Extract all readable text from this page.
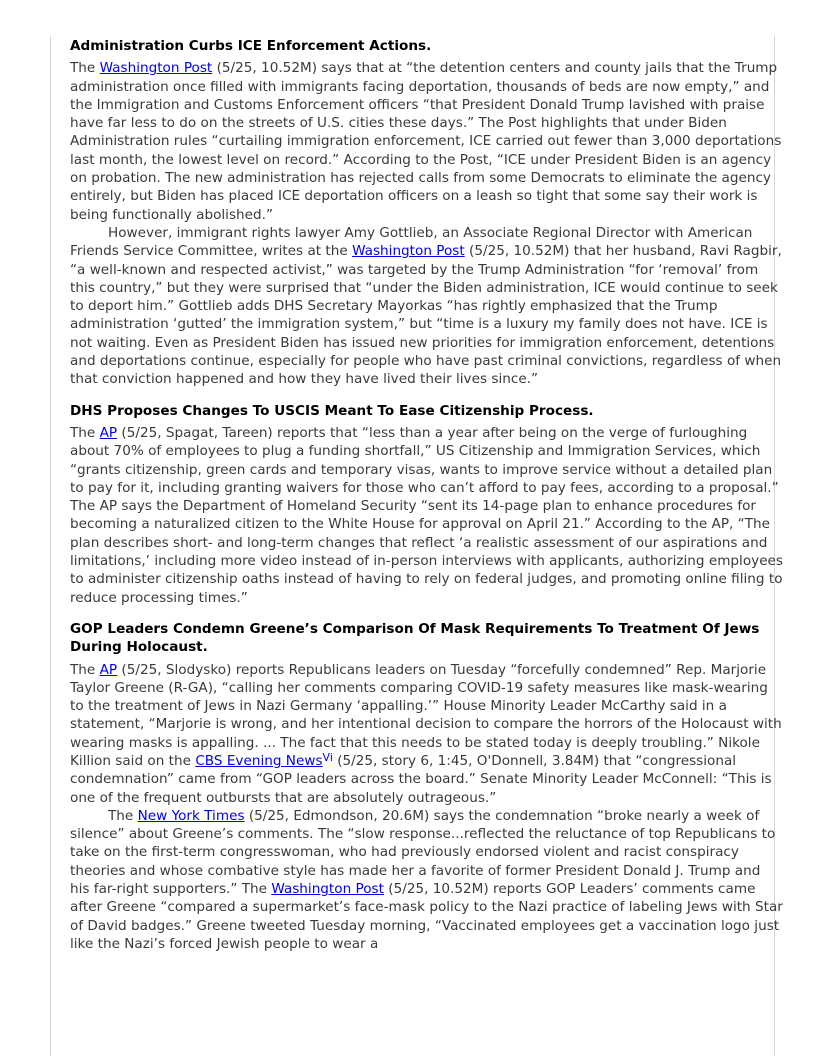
Administration Curbs ICE Enforcement Actions.

The Washington Post (5/25, 10.52M) says that at “the detention centers and county jails that the Trump administration once filled with immigrants facing deportation, thousands of beds are now empty,” and the Immigration and Customs Enforcement officers “that President Donald Trump lavished with praise have far less to do on the streets of U.S. cities these days.” The Post highlights that under Biden Administration rules “curtailing immigration enforcement, ICE carried out fewer than 3,000 deportations last month, the lowest level on record.” According to the Post, “ICE under President Biden is an agency on probation. The new administration has rejected calls from some Democrats to eliminate the agency entirely, but Biden has placed ICE deportation officers on a leash so tight that some say their work is being functionally abolished.”

However, immigrant rights lawyer Amy Gottlieb, an Associate Regional Director with American Friends Service Committee, writes at the Washington Post (5/25, 10.52M) that her husband, Ravi Ragbir, “a well-known and respected activist,” was targeted by the Trump Administration “for ‘removal’ from this country,” but they were surprised that “under the Biden administration, ICE would continue to seek to deport him.” Gottlieb adds DHS Secretary Mayorkas “has rightly emphasized that the Trump administration ‘gutted’ the immigration system,” but “time is a luxury my family does not have. ICE is not waiting. Even as President Biden has issued new priorities for immigration enforcement, detentions and deportations continue, especially for people who have past criminal convictions, regardless of when that conviction happened and how they have lived their lives since.”

DHS Proposes Changes To USCIS Meant To Ease Citizenship Process.

The AP (5/25, Spagat, Tareen) reports that “less than a year after being on the verge of furloughing about 70% of employees to plug a funding shortfall,” US Citizenship and Immigration Services, which “grants citizenship, green cards and temporary visas, wants to improve service without a detailed plan to pay for it, including granting waivers for those who can’t afford to pay fees, according to a proposal.” The AP says the Department of Homeland Security “sent its 14-page plan to enhance procedures for becoming a naturalized citizen to the White House for approval on April 21.” According to the AP, “The plan describes short- and long-term changes that reflect ‘a realistic assessment of our aspirations and limitations,’ including more video instead of in-person interviews with applicants, authorizing employees to administer citizenship oaths instead of having to rely on federal judges, and promoting online filing to reduce processing times.”

GOP Leaders Condemn Greene’s Comparison Of Mask Requirements To Treatment Of Jews During Holocaust.

The AP (5/25, Slodysko) reports Republicans leaders on Tuesday “forcefully condemned” Rep. Marjorie Taylor Greene (R-GA), “calling her comments comparing COVID-19 safety measures like mask-wearing to the treatment of Jews in Nazi Germany ‘appalling.’” House Minority Leader McCarthy said in a statement, “Marjorie is wrong, and her intentional decision to compare the horrors of the Holocaust with wearing masks is appalling. ... The fact that this needs to be stated today is deeply troubling.” Nikole Killion said on the CBS Evening News$^{Vi}$ (5/25, story 6, 1:45, O'Donnell, 3.84M) that “congressional condemnation” came from “GOP leaders across the board.” Senate Minority Leader McConnell: “This is one of the frequent outbursts that are absolutely outrageous.”

The New York Times (5/25, Edmondson, 20.6M) says the condemnation “broke nearly a week of silence” about Greene’s comments. The “slow response...reflected the reluctance of top Republicans to take on the first-term congresswoman, who had previously endorsed violent and racist conspiracy theories and whose combative style has made her a favorite of former President Donald J. Trump and his far-right supporters.” The Washington Post (5/25, 10.52M) reports GOP Leaders’ comments came after Greene “compared a supermarket’s face-mask policy to the Nazi practice of labeling Jews with Star of David badges.” Greene tweeted Tuesday morning, “Vaccinated employees get a vaccination logo just like the Nazi’s forced Jewish people to wear a
